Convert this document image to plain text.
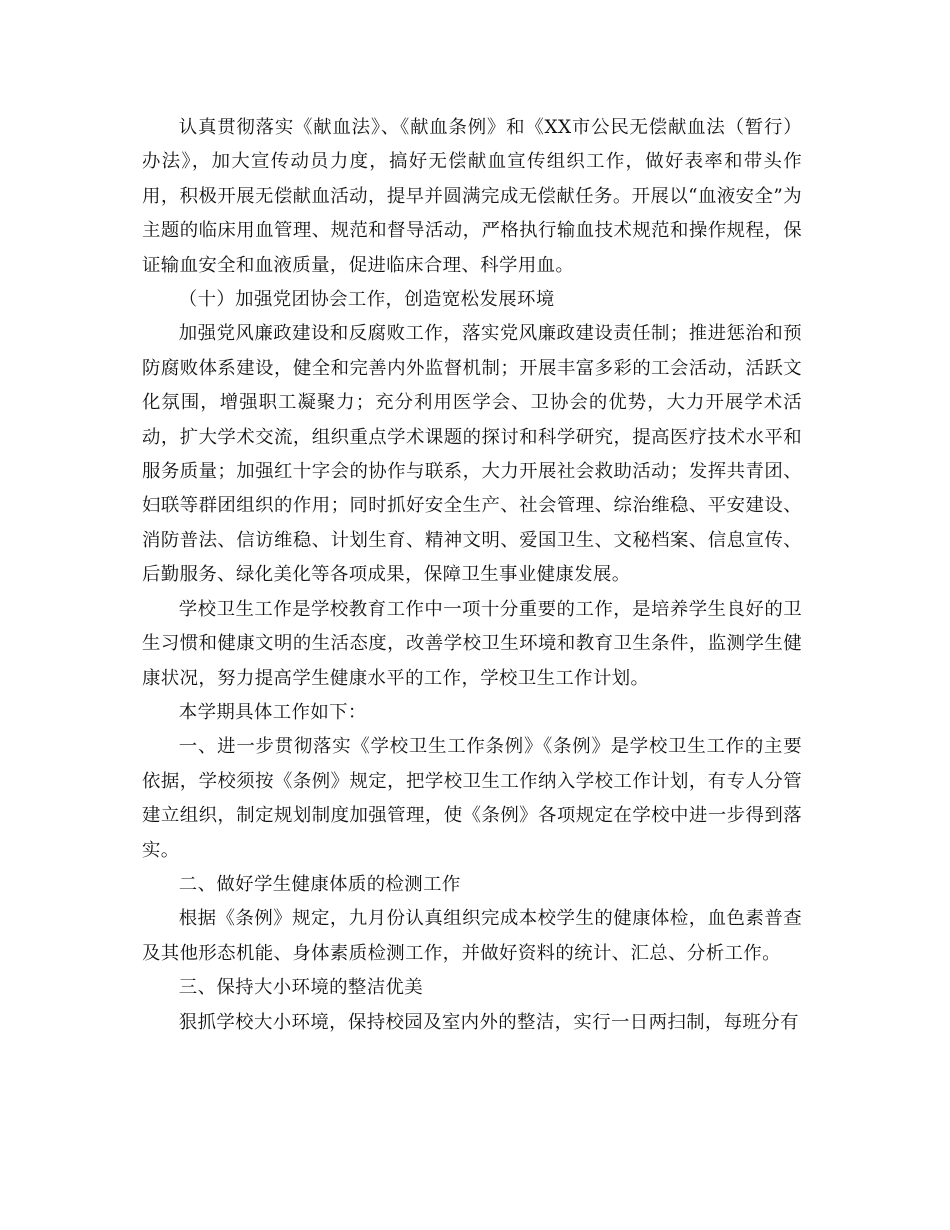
认真贯彻落实《献血法》、《献血条例》和《XX市公民无偿献血法（暂行）办法》，加大宣传动员力度，搞好无偿献血宣传组织工作，做好表率和带头作用，积极开展无偿献血活动，提早并圆满完成无偿献任务。开展以“血液安全”为主题的临床用血管理、规范和督导活动，严格执行输血技术规范和操作规程，保证输血安全和血液质量，促进临床合理、科学用血。

（十）加强党团协会工作，创造宽松发展环境

加强党风廉政建设和反腐败工作，落实党风廉政建设责任制；推进惩治和预防腐败体系建设，健全和完善内外监督机制；开展丰富多彩的工会活动，活跃文化氛围，增强职工凝聚力；充分利用医学会、卫协会的优势，大力开展学术活动，扩大学术交流，组织重点学术课题的探讨和科学研究，提高医疗技术水平和服务质量；加强红十字会的协作与联系，大力开展社会救助活动；发挥共青团、妇联等群团组织的作用；同时抓好安全生产、社会管理、综治维稳、平安建设、消防普法、信访维稳、计划生育、精神文明、爱国卫生、文秘档案、信息宣传、后勤服务、绿化美化等各项成果，保障卫生事业健康发展。

学校卫生工作是学校教育工作中一项十分重要的工作，是培养学生良好的卫生习惯和健康文明的生活态度，改善学校卫生环境和教育卫生条件，监测学生健康状况，努力提高学生健康水平的工作，学校卫生工作计划。

本学期具体工作如下：

一、进一步贯彻落实《学校卫生工作条例》《条例》是学校卫生工作的主要依据，学校须按《条例》规定，把学校卫生工作纳入学校工作计划，有专人分管建立组织，制定规划制度加强管理，使《条例》各项规定在学校中进一步得到落实。

二、做好学生健康体质的检测工作

根据《条例》规定，九月份认真组织完成本校学生的健康体检，血色素普查及其他形态机能、身体素质检测工作，并做好资料的统计、汇总、分析工作。

三、保持大小环境的整洁优美

狠抓学校大小环境，保持校园及室内外的整洁，实行一日两扫制，每班分有
